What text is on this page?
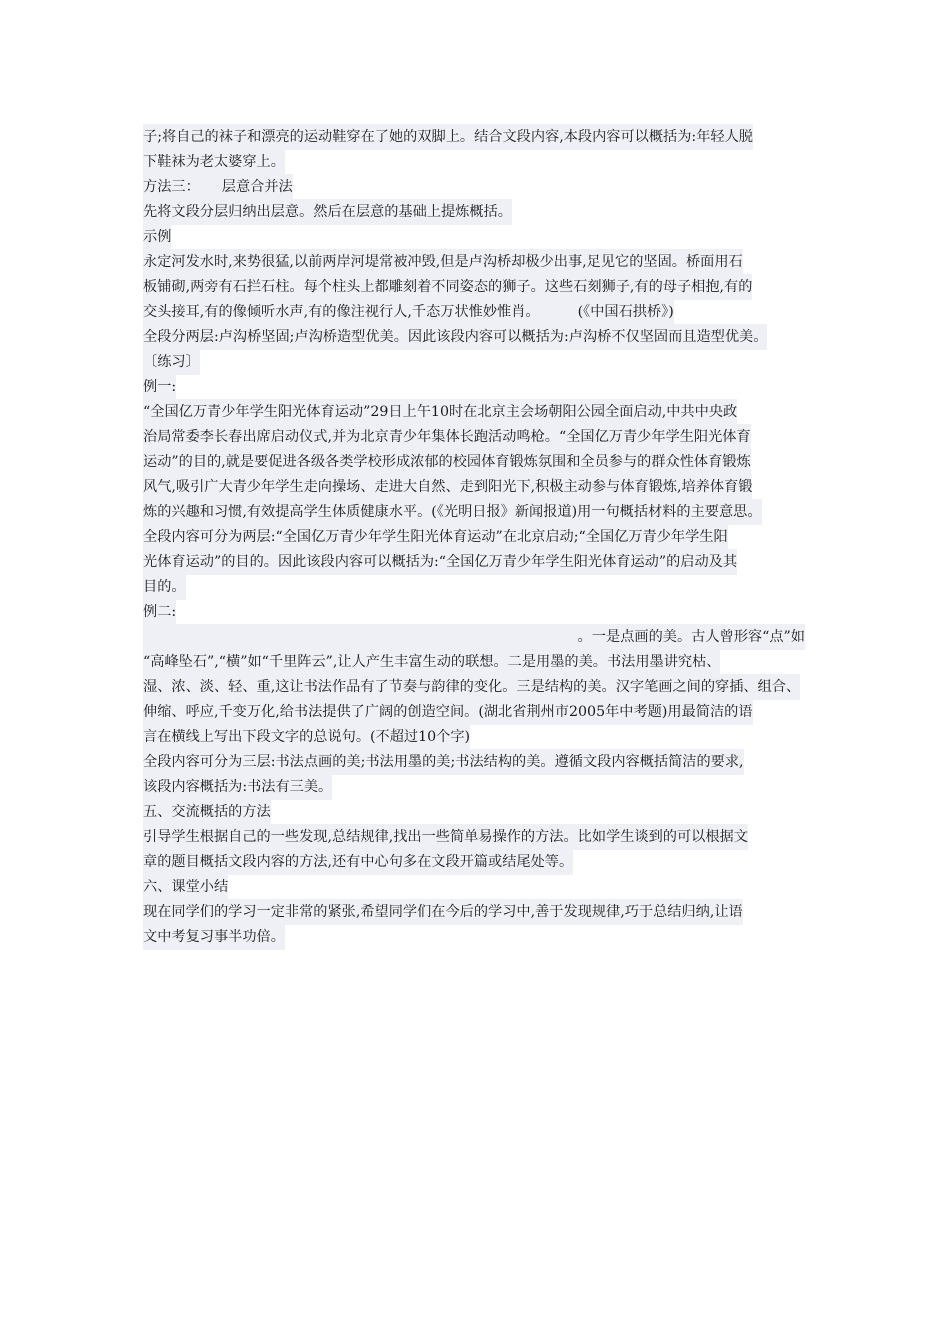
子;将自己的袜子和漂亮的运动鞋穿在了她的双脚上。结合文段内容,本段内容可以概括为:年轻人脱
下鞋袜为老太婆穿上。
方法三： 层意合并法
先将文段分层归纳出层意。然后在层意的基础上提炼概括。
示例
永定河发水时,来势很猛,以前两岸河堤常被冲毁,但是卢沟桥却极少出事,足见它的坚固。桥面用石
板铺砌,两旁有石拦石柱。每个柱头上都雕刻着不同姿态的狮子。这些石刻狮子,有的母子相抱,有的
交头接耳,有的像倾听水声,有的像注视行人,千态万状惟妙惟肖。	(《中国石拱桥》)
全段分两层:卢沟桥坚固;卢沟桥造型优美。因此该段内容可以概括为:卢沟桥不仅坚固而且造型优美。
〔练习〕
例一:
“全国亿万青少年学生阳光体育运动”29日上午10时在北京主会场朝阳公园全面启动,中共中央政
治局常委李长春出席启动仪式,并为北京青少年集体长跑活动鸣枪。“全国亿万青少年学生阳光体育
运动”的目的,就是要促进各级各类学校形成浓郁的校园体育锻炼氛围和全员参与的群众性体育锻炼
风气,吸引广大青少年学生走向操场、走进大自然、走到阳光下,积极主动参与体育锻炼,培养体育锻
炼的兴趣和习惯,有效提高学生体质健康水平。(《光明日报》新闻报道)用一句概括材料的主要意思。
全段内容可分为两层:“全国亿万青少年学生阳光体育运动”在北京启动;“全国亿万青少年学生阳
光体育运动”的目的。因此该段内容可以概括为:“全国亿万青少年学生阳光体育运动”的启动及其
目的。
例二:
。一是点画的美。古人曾形容“点”如
“高峰坠石”,“横”如“千里阵云”,让人产生丰富生动的联想。二是用墨的美。书法用墨讲究枯、
湿、浓、淡、轻、重,这让书法作品有了节奏与韵律的变化。三是结构的美。汉字笔画之间的穿插、组合、
伸缩、呼应,千变万化,给书法提供了广阔的创造空间。(湖北省荆州市2005年中考题)用最简洁的语
言在横线上写出下段文字的总说句。(不超过10个字)
全段内容可分为三层:书法点画的美;书法用墨的美;书法结构的美。遵循文段内容概括简洁的要求,
该段内容概括为:书法有三美。
五、交流概括的方法
引导学生根据自己的一些发现,总结规律,找出一些简单易操作的方法。比如学生谈到的可以根据文
章的题目概括文段内容的方法,还有中心句多在文段开篇或结尾处等。
六、课堂小结
现在同学们的学习一定非常的紧张,希望同学们在今后的学习中,善于发现规律,巧于总结归纳,让语
文中考复习事半功倍。
